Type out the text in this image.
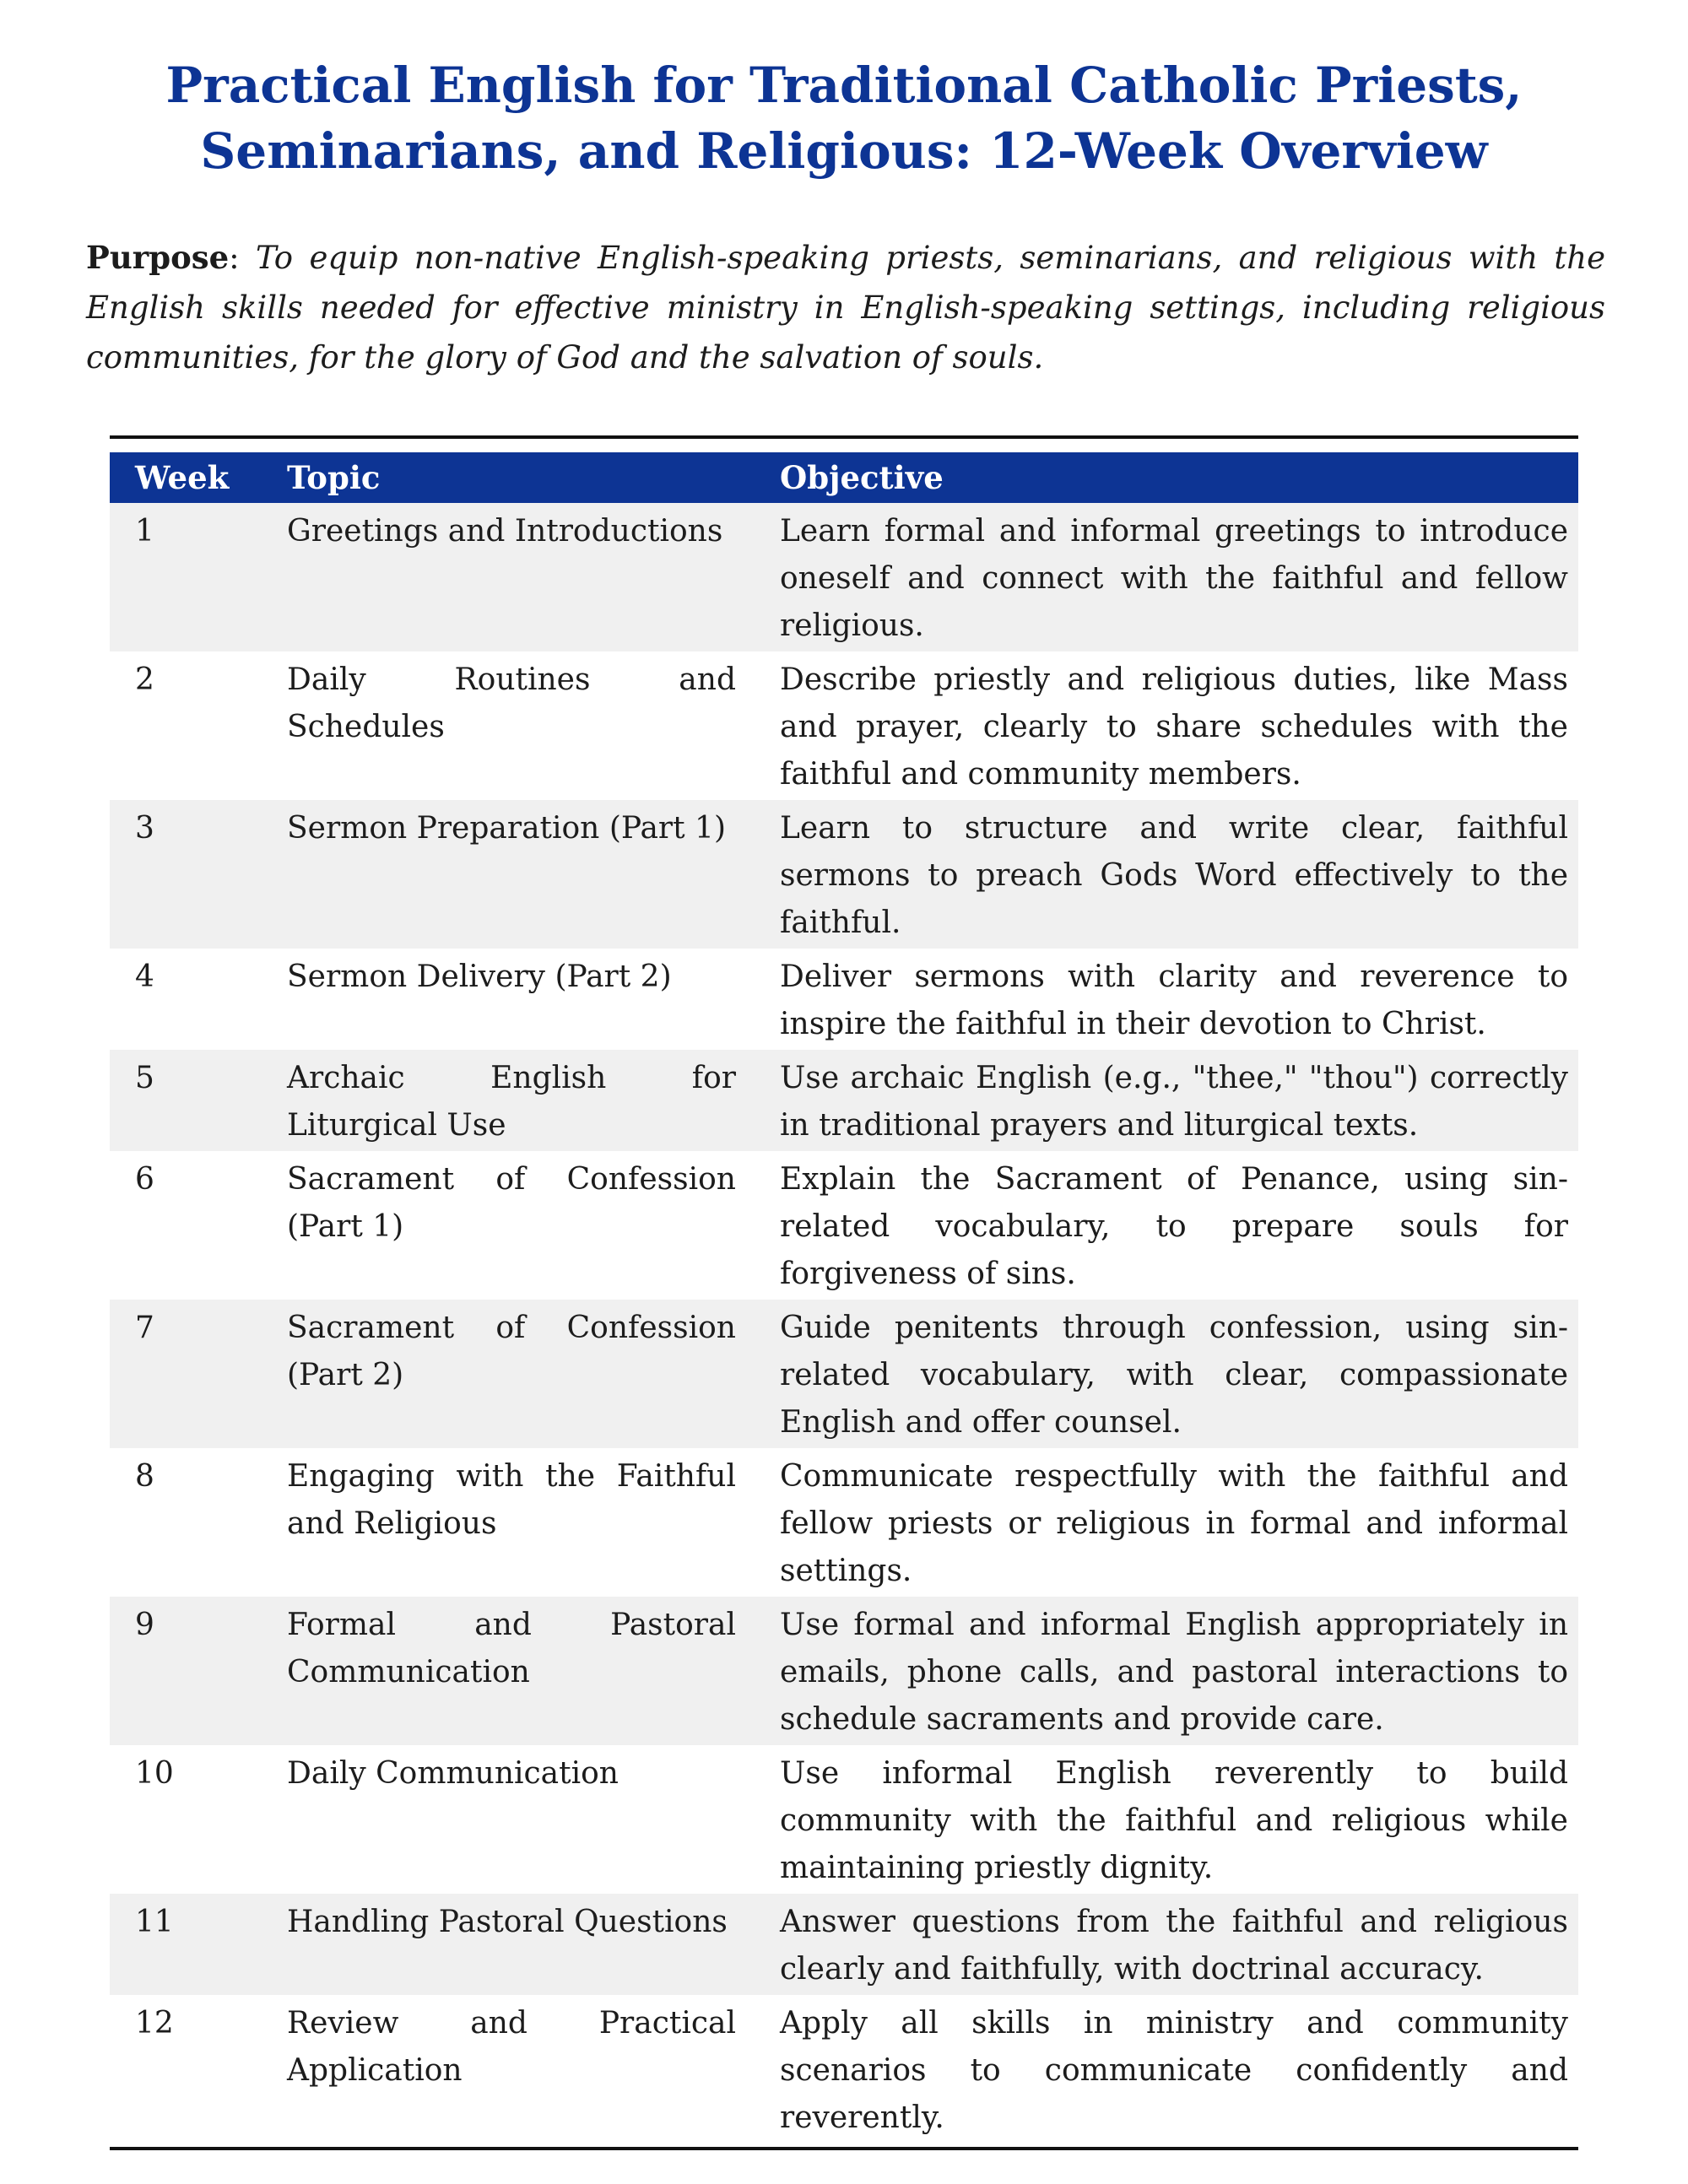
Practical English for Traditional Catholic Priests, Seminarians, and Religious: 12-Week Overview

Purpose: To equip non-native English-speaking priests, seminarians, and religious with the English skills needed for effective ministry in English-speaking settings, including religious communities, for the glory of God and the salvation of souls.

Week	Topic	Objective
1	Greetings and Introductions	Learn formal and informal greetings to introduce oneself and connect with the faithful and fellow religious.
2	Daily Routines and Schedules	Describe priestly and religious duties, like Mass and prayer, clearly to share schedules with the faithful and community members.
3	Sermon Preparation (Part 1)	Learn to structure and write clear, faithful sermons to preach Gods Word effectively to the faithful.
4	Sermon Delivery (Part 2)	Deliver sermons with clarity and reverence to inspire the faithful in their devotion to Christ.
5	Archaic English for Liturgical Use	Use archaic English (e.g., "thee," "thou") correctly in traditional prayers and liturgical texts.
6	Sacrament of Confession (Part 1)	Explain the Sacrament of Penance, using sin-related vocabulary, to prepare souls for forgiveness of sins.
7	Sacrament of Confession (Part 2)	Guide penitents through confession, using sin-related vocabulary, with clear, compassionate English and offer counsel.
8	Engaging with the Faithful and Religious	Communicate respectfully with the faithful and fellow priests or religious in formal and informal settings.
9	Formal and Pastoral Communication	Use formal and informal English appropriately in emails, phone calls, and pastoral interactions to schedule sacraments and provide care.
10	Daily Communication	Use informal English reverently to build community with the faithful and religious while maintaining priestly dignity.
11	Handling Pastoral Questions	Answer questions from the faithful and religious clearly and faithfully, with doctrinal accuracy.
12	Review and Practical Application	Apply all skills in ministry and community scenarios to communicate confidently and reverently.
